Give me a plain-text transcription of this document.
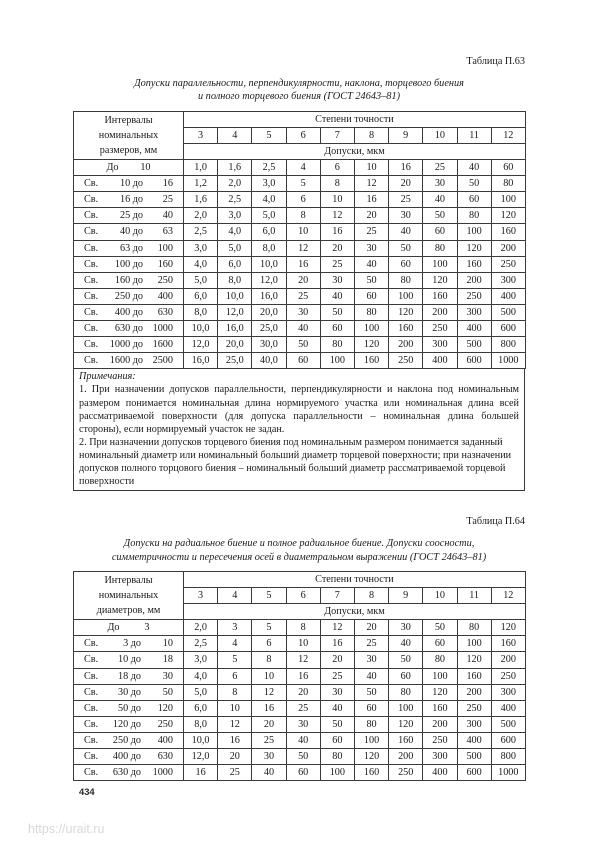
Таблица П.63

Допуски параллельности, перпендикулярности, наклона, торцевого биения

и полного торцевого биения (ГОСТ 24643–81)

Интервалы
номинальных
размеров, мм	Степени точности									
	3	4	5	6	7	8	9	10	11	12
	Допуски, мкм									
До 10	1,0	1,6	2,5	4	6	10	16	25	40	60
Св. 10 до 16	1,2	2,0	3,0	5	8	12	20	30	50	80
Св. 16 до 25	1,6	2,5	4,0	6	10	16	25	40	60	100
Св. 25 до 40	2,0	3,0	5,0	8	12	20	30	50	80	120
Св. 40 до 63	2,5	4,0	6,0	10	16	25	40	60	100	160
Св. 63 до 100	3,0	5,0	8,0	12	20	30	50	80	120	200
Св. 100 до 160	4,0	6,0	10,0	16	25	40	60	100	160	250
Св. 160 до 250	5,0	8,0	12,0	20	30	50	80	120	200	300
Св. 250 до 400	6,0	10,0	16,0	25	40	60	100	160	250	400
Св. 400 до 630	8,0	12,0	20,0	30	50	80	120	200	300	500
Св. 630 до 1000	10,0	16,0	25,0	40	60	100	160	250	400	600
Св. 1000 до 1600	12,0	20,0	30,0	50	80	120	200	300	500	800
Св. 1600 до 2500	16,0	25,0	40,0	60	100	160	250	400	600	1000

Примечания:

1. При назначении допусков параллельности, перпендикулярности и наклона под номинальным размером понимается номинальная длина нормируемого участка или номинальная длина всей рассматриваемой поверхности (для допуска параллельности – номинальная длина большей стороны), если нормируемый участок не задан.

2. При назначении допусков торцевого биения под номинальным размером понимается заданный номинальный диаметр или номинальный больший диаметр торцевой поверхности; при назначении допусков полного торцового биения – номинальный больший диаметр рассматриваемой торцевой поверхности

Таблица П.64

Допуски на радиальное биение и полное радиальное биение. Допуски соосности,

симметричности и пересечения осей в диаметральном выражении (ГОСТ 24643–81)

Интервалы
номинальных
диаметров, мм	Степени точности									
	3	4	5	6	7	8	9	10	11	12
	Допуски, мкм									
До 3	2,0	3	5	8	12	20	30	50	80	120
Св. 3 до 10	2,5	4	6	10	16	25	40	60	100	160
Св. 10 до 18	3,0	5	8	12	20	30	50	80	120	200
Св. 18 до 30	4,0	6	10	16	25	40	60	100	160	250
Св. 30 до 50	5,0	8	12	20	30	50	80	120	200	300
Св. 50 до 120	6,0	10	16	25	40	60	100	160	250	400
Св. 120 до 250	8,0	12	20	30	50	80	120	200	300	500
Св. 250 до 400	10,0	16	25	40	60	100	160	250	400	600
Св. 400 до 630	12,0	20	30	50	80	120	200	300	500	800
Св. 630 до 1000	16	25	40	60	100	160	250	400	600	1000
434
https://urait.ru
